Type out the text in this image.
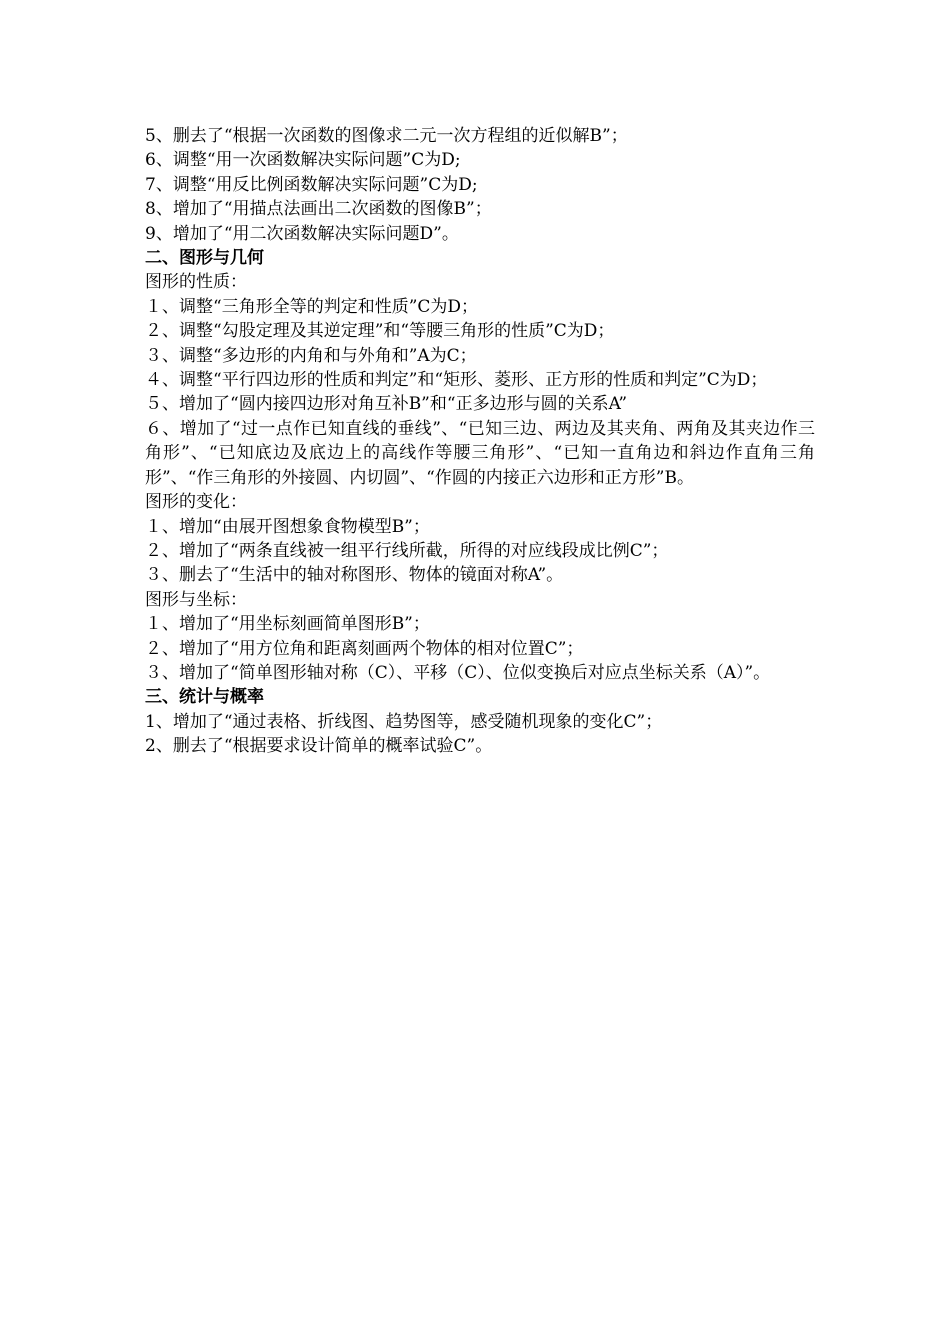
5、删去了“根据一次函数的图像求二元一次方程组的近似解B”；

6、调整“用一次函数解决实际问题”C为D;

7、调整“用反比例函数解决实际问题”C为D;

8、增加了“用描点法画出二次函数的图像B”；

9、增加了“用二次函数解决实际问题D”。

二、图形与几何

图形的性质：

１、调整“三角形全等的判定和性质”C为D；

２、调整“勾股定理及其逆定理”和“等腰三角形的性质”C为D；

３、调整“多边形的内角和与外角和”A为C；

４、调整“平行四边形的性质和判定”和“矩形、菱形、正方形的性质和判定”C为D；

５、增加了“圆内接四边形对角互补B”和“正多边形与圆的关系A”

６、增加了“过一点作已知直线的垂线”、“已知三边、两边及其夹角、两角及其夹边作三角形”、“已知底边及底边上的高线作等腰三角形”、“已知一直角边和斜边作直角三角形”、“作三角形的外接圆、内切圆”、“作圆的内接正六边形和正方形”B。

图形的变化：

１、增加“由展开图想象食物模型B”；

２、增加了“两条直线被一组平行线所截，所得的对应线段成比例C”；

３、删去了“生活中的轴对称图形、物体的镜面对称A”。

图形与坐标：

１、增加了“用坐标刻画简单图形B”；

２、增加了“用方位角和距离刻画两个物体的相对位置C”；

３、增加了“简单图形轴对称（C）、平移（C）、位似变换后对应点坐标关系（A）”。

三、统计与概率

1、增加了“通过表格、折线图、趋势图等，感受随机现象的变化C”；

2、删去了“根据要求设计简单的概率试验C”。
